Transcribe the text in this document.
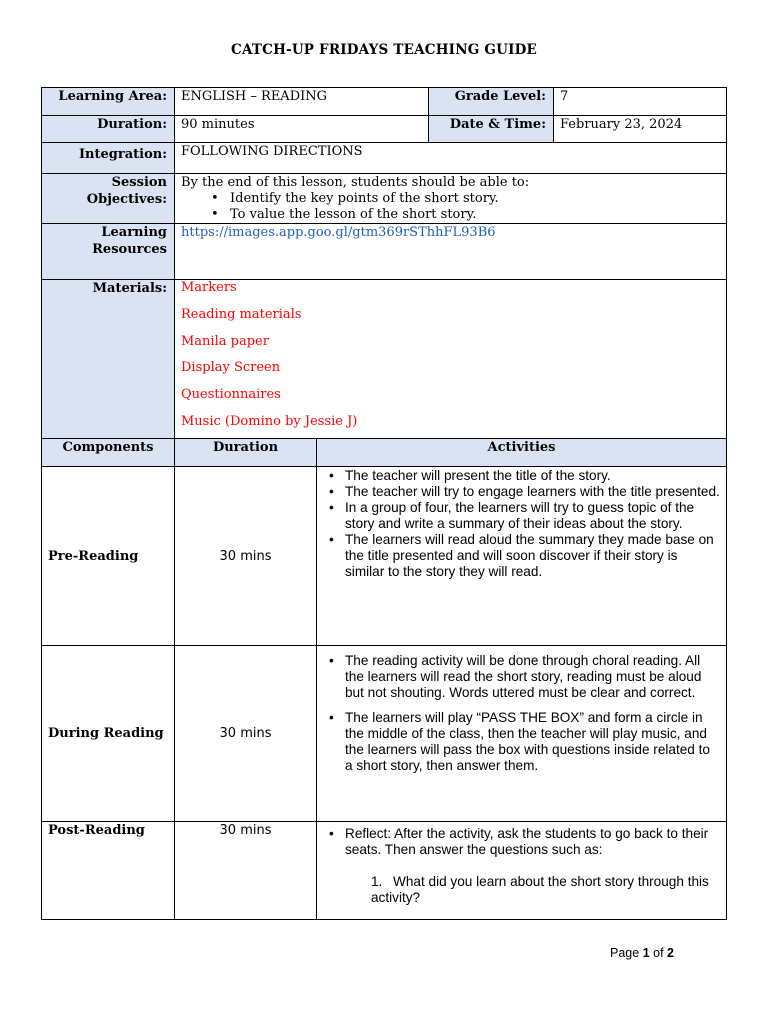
CATCH-UP FRIDAYS TEACHING GUIDE
Learning Area:	ENGLISH – READING	Grade Level:	7
Duration:	90 minutes	Date & Time:	February 23, 2024
Integration:	FOLLOWING DIRECTIONS
Session
Objectives:
By the end of this lesson, students should be able to:
• Identify the key points of the short story.
• To value the lesson of the short story.
Learning
Resources
https://images.app.goo.gl/gtm369rSThhFL93B6
Materials:	Markers
Reading materials
Manila paper
Display Screen
Questionnaires
Music (Domino by Jessie J)
Components	Duration	Activities
Pre-Reading	30 mins
• The teacher will present the title of the story.
• The teacher will try to engage learners with the title presented.
• In a group of four, the learners will try to guess topic of the story and write a summary of their ideas about the story.
• The learners will read aloud the summary they made base on the title presented and will soon discover if their story is similar to the story they will read.
During Reading	30 mins
• The reading activity will be done through choral reading. All the learners will read the short story, reading must be aloud but not shouting. Words uttered must be clear and correct.
• The learners will play “PASS THE BOX” and form a circle in the middle of the class, then the teacher will play music, and the learners will pass the box with questions inside related to a short story, then answer them.
Post-Reading	30 mins
•	Reflect: After the activity, ask the students to go back to their seats. Then answer the questions such as:
1. What did you learn about the short story through this activity?
Page 1 of 2
